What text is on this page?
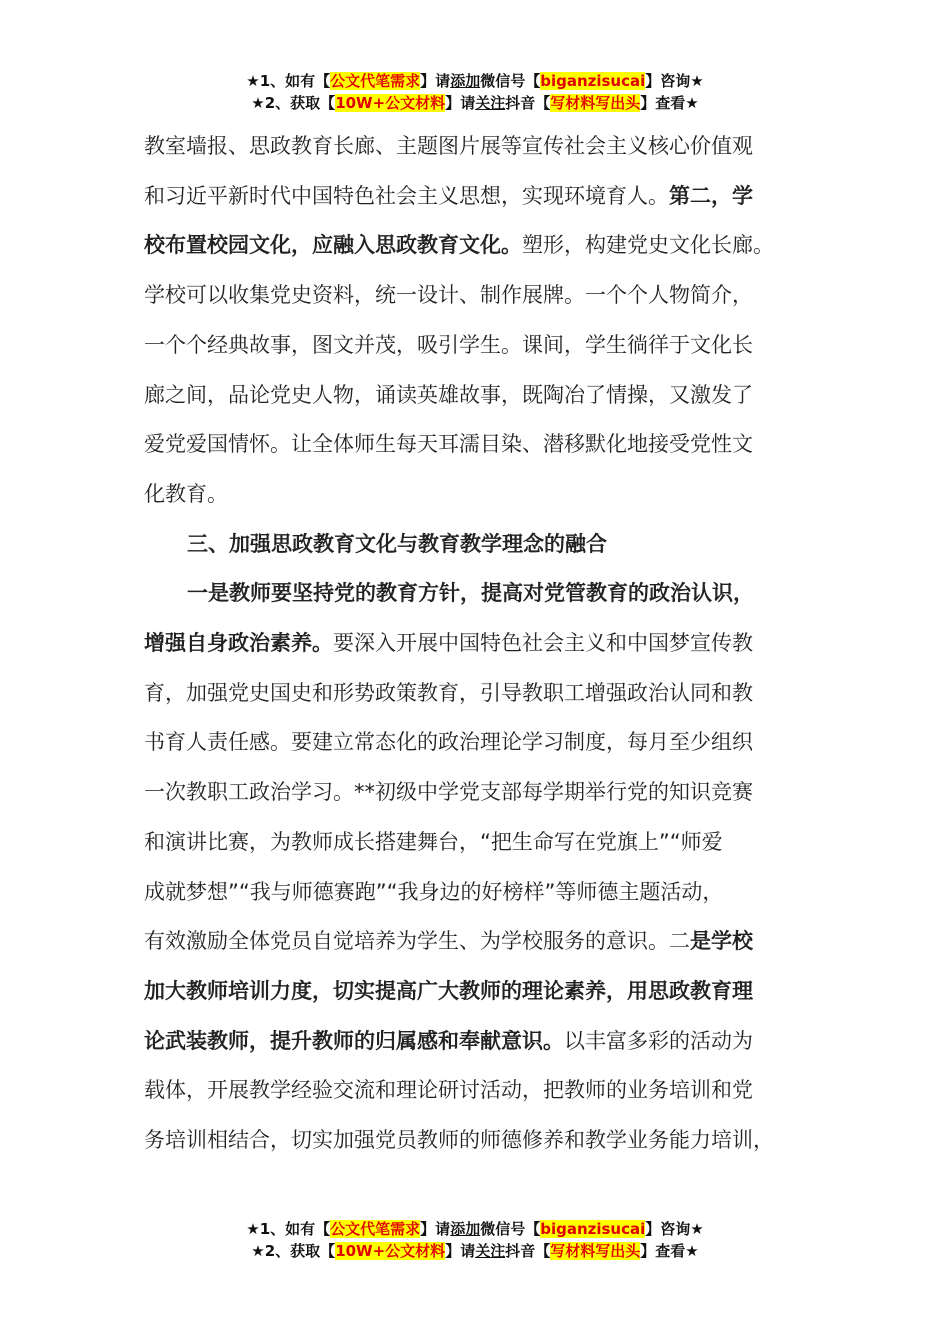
★1、如有【公文代笔需求】请添加微信号【biganzisucai】咨询★
★2、获取【10W+公文材料】请关注抖音【写材料写出头】查看★
教室墙报、思政教育长廊、主题图片展等宣传社会主义核心价值观
和习近平新时代中国特色社会主义思想，实现环境育人。第二，学
校布置校园文化，应融入思政教育文化。塑形，构建党史文化长廊。
学校可以收集党史资料，统一设计、制作展牌。一个个人物简介，
一个个经典故事，图文并茂，吸引学生。课间，学生徜徉于文化长
廊之间，品论党史人物，诵读英雄故事，既陶冶了情操，又激发了
爱党爱国情怀。让全体师生每天耳濡目染、潜移默化地接受党性文
化教育。
三、加强思政教育文化与教育教学理念的融合
一是教师要坚持党的教育方针，提高对党管教育的政治认识，
增强自身政治素养。要深入开展中国特色社会主义和中国梦宣传教
育，加强党史国史和形势政策教育，引导教职工增强政治认同和教
书育人责任感。要建立常态化的政治理论学习制度，每月至少组织
一次教职工政治学习。**初级中学党支部每学期举行党的知识竞赛
和演讲比赛，为教师成长搭建舞台，“把生命写在党旗上”“师爱
成就梦想”“我与师德赛跑”“我身边的好榜样”等师德主题活动，
有效激励全体党员自觉培养为学生、为学校服务的意识。二是学校
加大教师培训力度，切实提高广大教师的理论素养，用思政教育理
论武装教师，提升教师的归属感和奉献意识。以丰富多彩的活动为
载体，开展教学经验交流和理论研讨活动，把教师的业务培训和党
务培训相结合，切实加强党员教师的师德修养和教学业务能力培训，
★1、如有【公文代笔需求】请添加微信号【biganzisucai】咨询★
★2、获取【10W+公文材料】请关注抖音【写材料写出头】查看★
